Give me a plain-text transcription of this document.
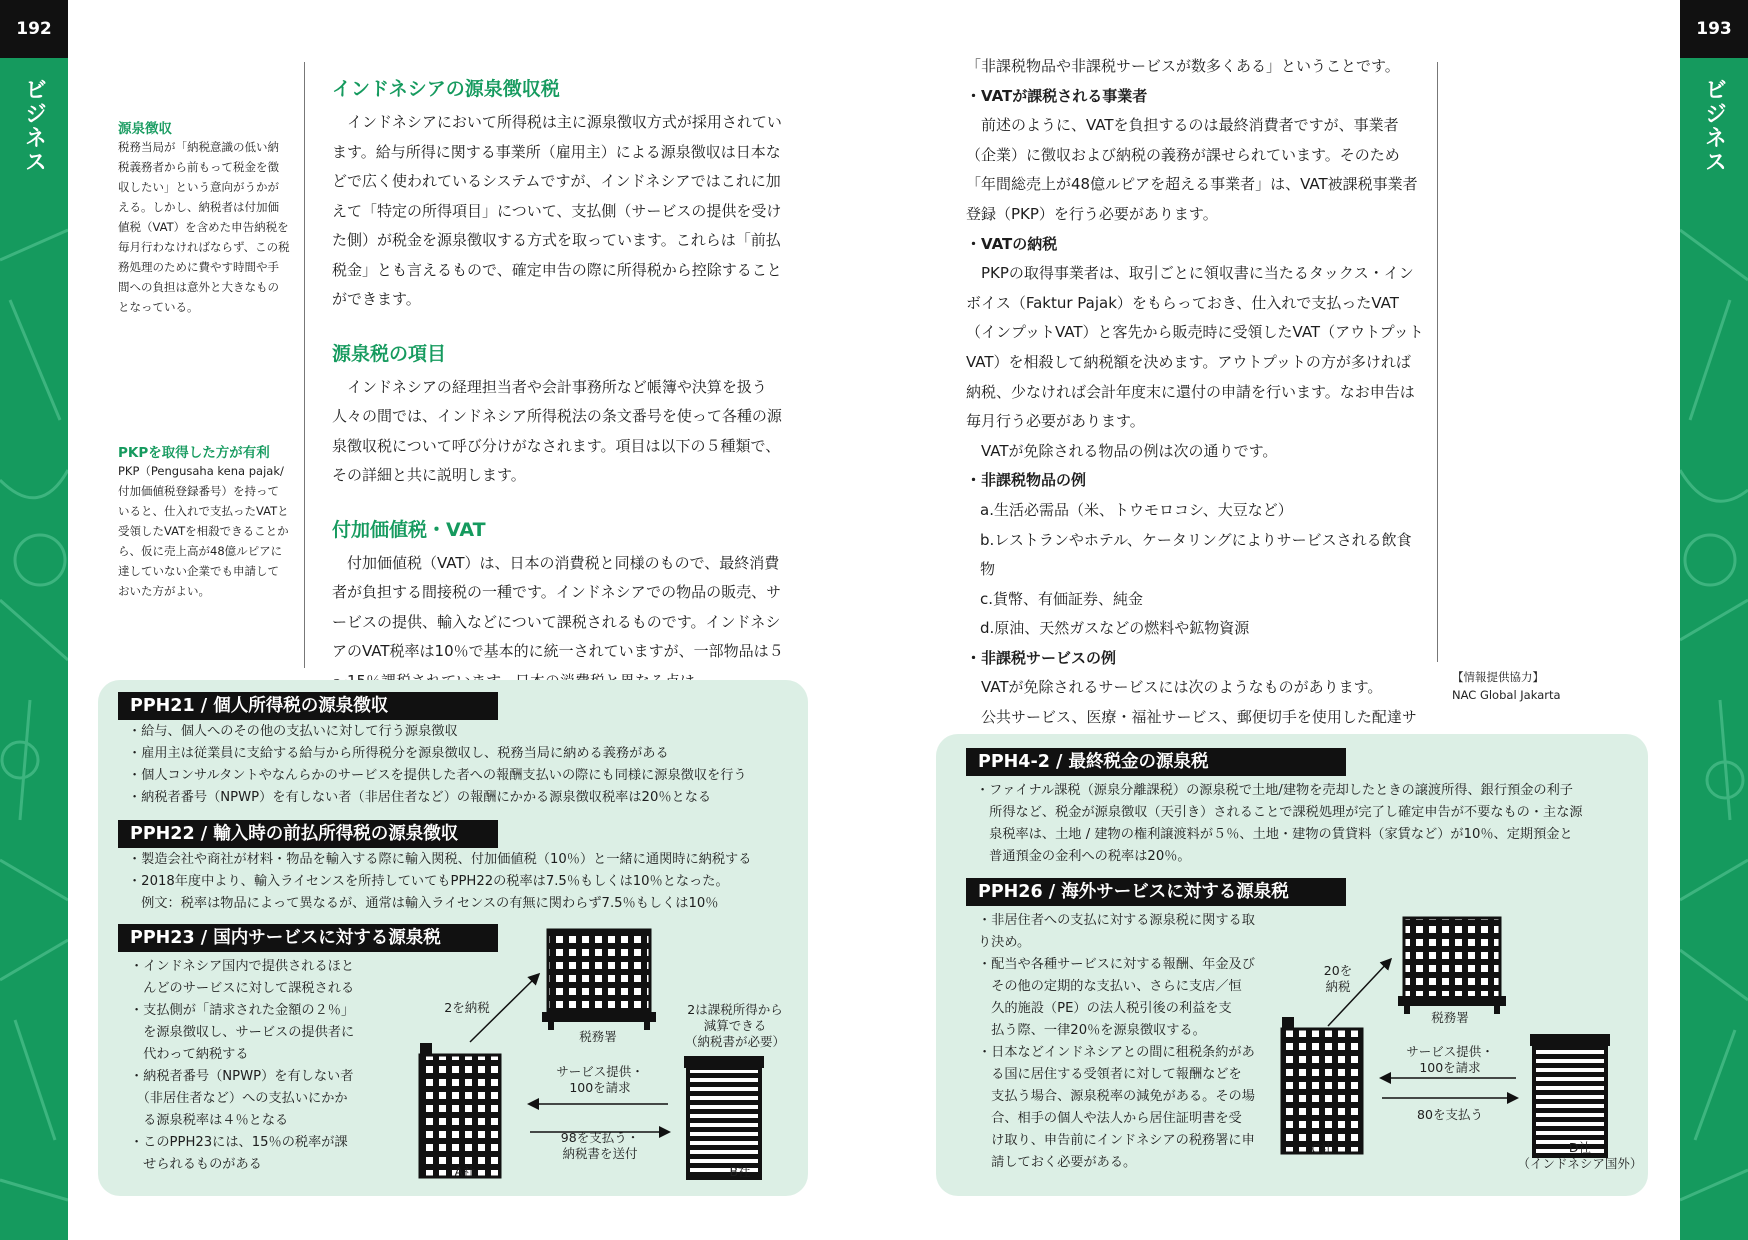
192
ビジネス
193
ビジネス
源泉徴収
税務当局が「納税意識の低い納税義務者から前もって税金を徴収したい」という意向がうかがえる。しかし、納税者は付加価値税（VAT）を含めた申告納税を毎月行わなければならず、この税務処理のために費やす時間や手間への負担は意外と大きなものとなっている。
PKPを取得した方が有利
PKP（Pengusaha kena pajak/付加価値税登録番号）を持っていると、仕入れで支払ったVATと受領したVATを相殺できることから、仮に売上高が48億ルピアに達していない企業でも申請しておいた方がよい。
インドネシアの源泉徴収税
インドネシアにおいて所得税は主に源泉徴収方式が採用されています。給与所得に関する事業所（雇用主）による源泉徴収は日本などで広く使われているシステムですが、インドネシアではこれに加えて「特定の所得項目」について、支払側（サービスの提供を受けた側）が税金を源泉徴収する方式を取っています。これらは「前払税金」とも言えるもので、確定申告の際に所得税から控除することができます。
源泉税の項目
インドネシアの経理担当者や会計事務所など帳簿や決算を扱う人々の間では、インドネシア所得税法の条文番号を使って各種の源泉徴収税について呼び分けがなされます。項目は以下の５種類で、その詳細と共に説明します。
付加価値税・VAT
付加価値税（VAT）は、日本の消費税と同様のもので、最終消費者が負担する間接税の一種です。インドネシアでの物品の販売、サービスの提供、輸入などについて課税されるものです。インドネシアのVAT税率は10％で基本的に統一されていますが、一部物品は５
PPH21 / 個人所得税の源泉徴収
・給与、個人へのその他の支払いに対して行う源泉徴収
・雇用主は従業員に支給する給与から所得税分を源泉徴収し、税務当局に納める義務がある
・個人コンサルタントやなんらかのサービスを提供した者への報酬支払いの際にも同様に源泉徴収を行う
・納税者番号（NPWP）を有しない者（非居住者など）の報酬にかかる源泉徴収税率は20％となる
PPH22 / 輸入時の前払所得税の源泉徴収
・製造会社や商社が材料・物品を輸入する際に輸入関税、付加価値税（10％）と一緒に通関時に納税する
・2018年度中より、輸入ライセンスを所持していてもPPH22の税率は7.5％もしくは10％となった。
　例文：税率は物品によって異なるが、通常は輸入ライセンスの有無に関わらず7.5％もしくは10％
PPH23 / 国内サービスに対する源泉税
・インドネシア国内で提供されるほと
　んどのサービスに対して課税される
・支払側が「請求された金額の２％」
　を源泉徴収し、サービスの提供者に
　代わって納税する
・納税者番号（NPWP）を有しない者
　（非居住者など）への支払いにかか
　る源泉税率は４％となる
・このPPH23には、15％の税率が課
　せられるものがある
2を納税
税務署
2は課税所得から
減算できる
（納税書が必要）
サービス提供・
100を請求
98を支払う・
納税書を送付
A社	B社
「非課税物品や非課税サービスが数多くある」ということです。
・VATが課税される事業者
前述のように、VATを負担するのは最終消費者ですが、事業者（企業）に徴収および納税の義務が課せられています。そのため「年間総売上が48億ルピアを超える事業者」は、VAT被課税事業者登録（PKP）を行う必要があります。
・VATの納税
PKPの取得事業者は、取引ごとに領収書に当たるタックス・インボイス（Faktur Pajak）をもらっておき、仕入れで支払ったVAT（インプットVAT）と客先から販売時に受領したVAT（アウトプットVAT）を相殺して納税額を決めます。アウトプットの方が多ければ納税、少なければ会計年度末に還付の申請を行います。なお申告は毎月行う必要があります。
VATが免除される物品の例は次の通りです。
・非課税物品の例
a.生活必需品（米、トウモロコシ、大豆など）
b.レストランやホテル、ケータリングによりサービスされる飲食物
c.貨幣、有価証券、純金
d.原油、天然ガスなどの燃料や鉱物資源
・非課税サービスの例
VATが免除されるサービスには次のようなものがあります。
公共サービス、医療・福祉サービス、郵便切手を使用した配達サ
【情報提供協力】
NAC Global Jakarta
PPH4-2 / 最終税金の源泉税
・ファイナル課税（源泉分離課税）の源泉税で土地/建物を売却したときの譲渡所得、銀行預金の利子
　所得など、税金が源泉徴収（天引き）されることで課税処理が完了し確定申告が不要なもの・主な源
　泉税率は、土地 / 建物の権利譲渡料が５％、土地・建物の賃貸料（家賃など）が10％、定期預金と
　普通預金の金利への税率は20％。
PPH26 / 海外サービスに対する源泉税
・非居住者への支払に対する源泉税に関する取り決め。
・配当や各種サービスに対する報酬、年金及び
　その他の定期的な支払い、さらに支店／恒
　久的施設（PE）の法人税引後の利益を支
　払う際、一律20％を源泉徴収する。
・日本などインドネシアとの間に租税条約があ
　る国に居住する受領者に対して報酬などを
　支払う場合、源泉税率の減免がある。その場
　合、相手の個人や法人から居住証明書を受
　け取り、申告前にインドネシアの税務署に申
　請しておく必要がある。
20を
納税
税務署
サービス提供・
100を請求
80を支払う
C社	D社
（インドネシア国外）
